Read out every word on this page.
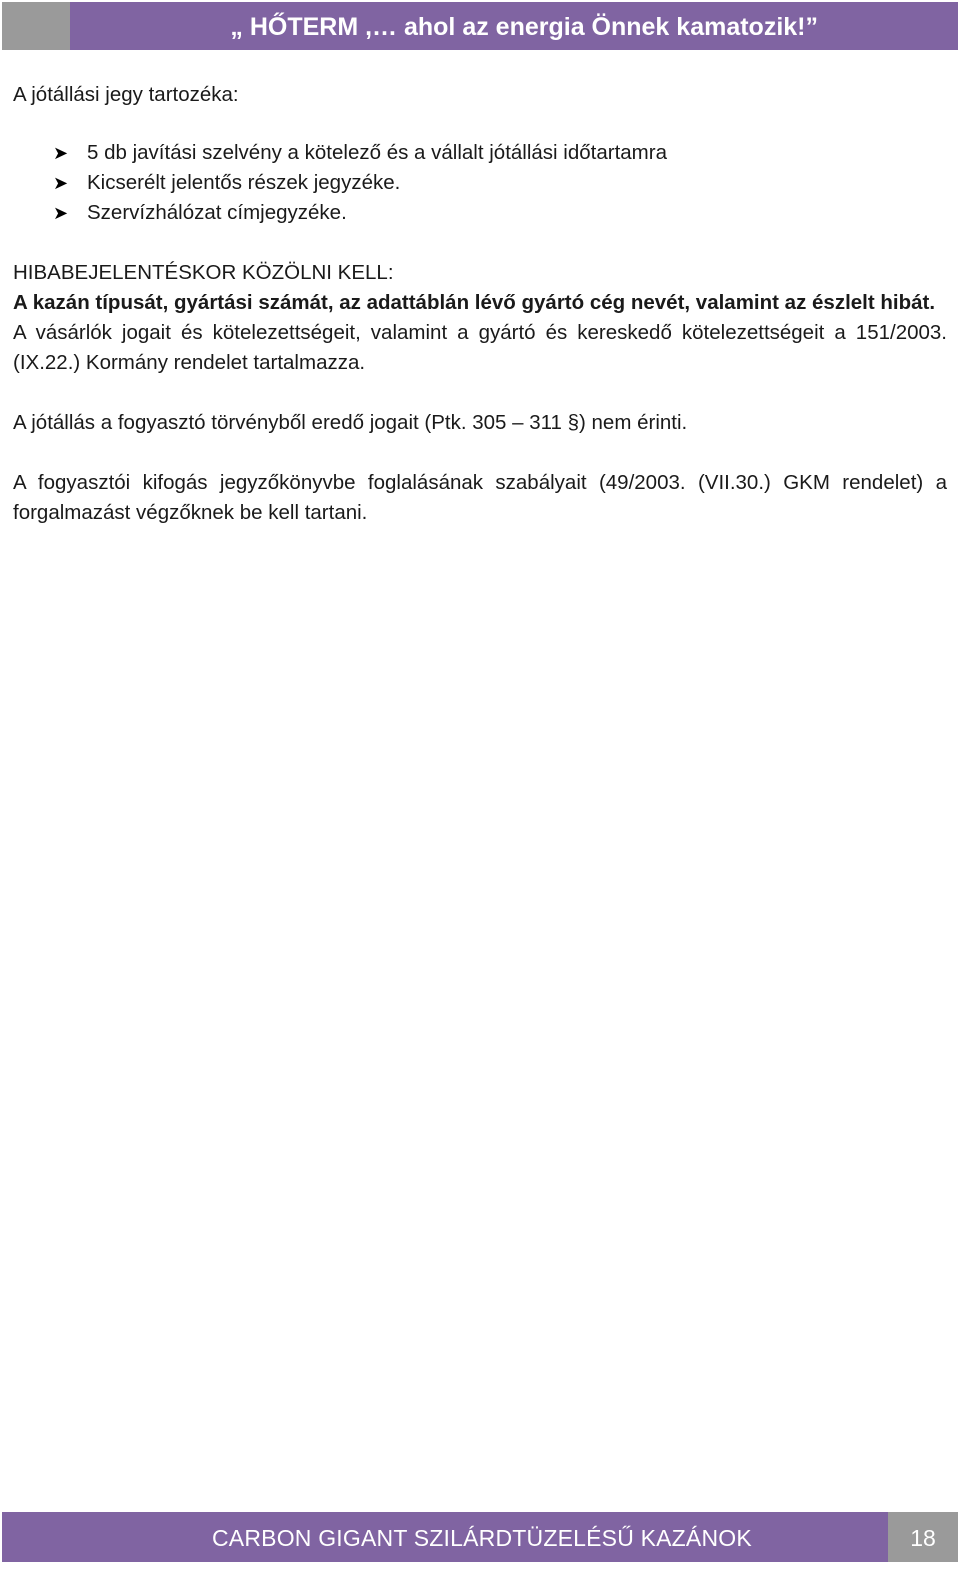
„ HŐTERM ,… ahol az energia Önnek kamatozik!”

A jótállási jegy tartozéka:

➤ 5 db javítási szelvény a kötelező és a vállalt jótállási időtartamra
➤ Kicserélt jelentős részek jegyzéke.
➤ Szervízhálózat címjegyzéke.

HIBABEJELENTÉSKOR KÖZÖLNI KELL:

A kazán típusát, gyártási számát, az adattáblán lévő gyártó cég nevét, valamint az észlelt hibát.

A vásárlók jogait és kötelezettségeit, valamint a gyártó és kereskedő kötelezettségeit a 151/2003. (IX.22.) Kormány rendelet tartalmazza.

A jótállás a fogyasztó törvényből eredő jogait (Ptk. 305 – 311 §) nem érinti.

A fogyasztói kifogás jegyzőkönyvbe foglalásának szabályait (49/2003. (VII.30.) GKM rendelet) a forgalmazást végzőknek be kell tartani.

CARBON GIGANT SZILÁRDTÜZELÉSŰ KAZÁNOK	18
